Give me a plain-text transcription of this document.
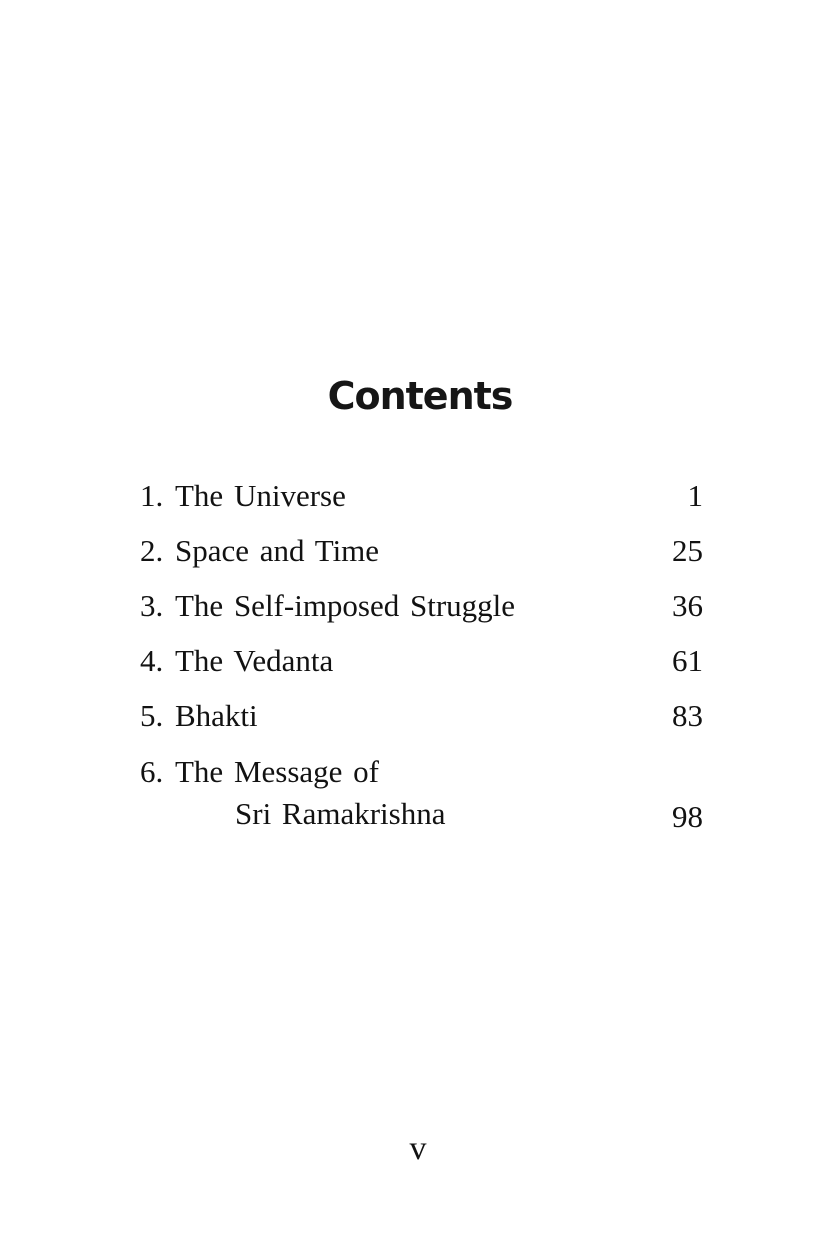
Contents
1. The Universe	1
2. Space and Time	25
3. The Self-imposed Struggle	36
4. The Vedanta	61
5. Bhakti	83
6. The Message of
Sri Ramakrishna	98
v
